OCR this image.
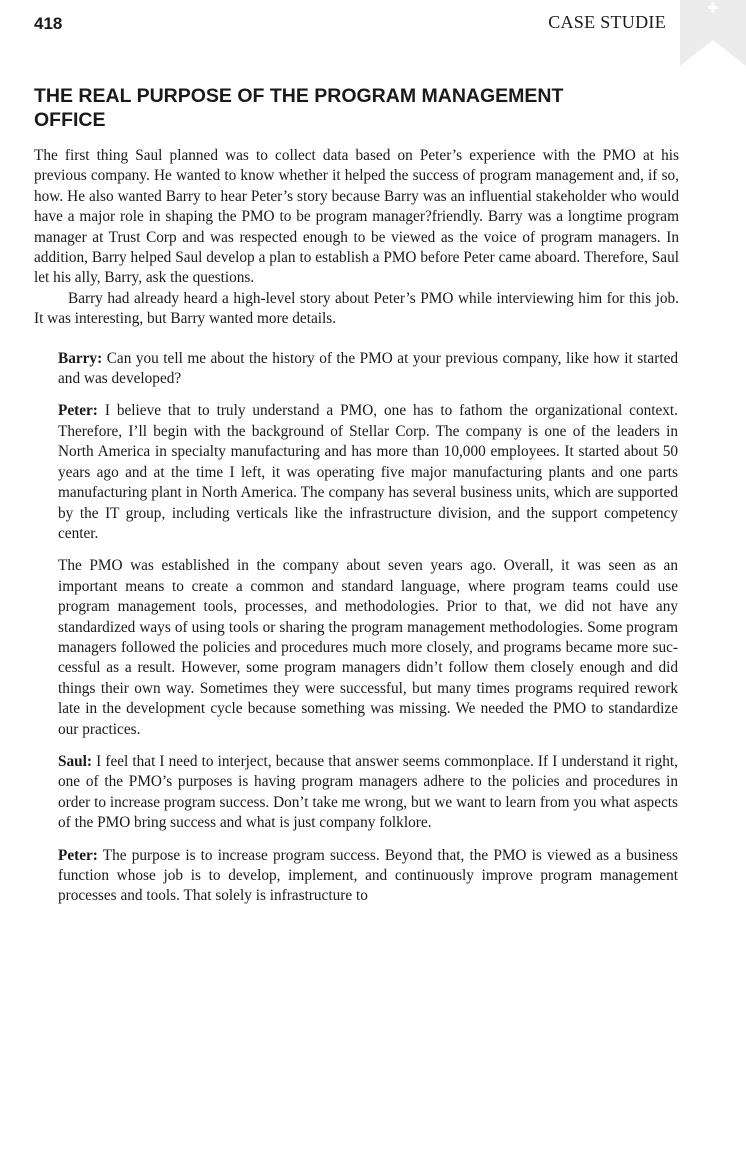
418	CASE STUDIE
THE REAL PURPOSE OF THE PROGRAM MANAGEMENT OFFICE

The first thing Saul planned was to collect data based on Peter’s experience with the PMO at his previous company. He wanted to know whether it helped the success of program management and, if so, how. He also wanted Barry to hear Peter’s story because Barry was an influential stakeholder who would have a major role in shaping the PMO to be program manager?friendly. Barry was a longtime program manager at Trust Corp and was respected enough to be viewed as the voice of program managers. In addition, Barry helped Saul develop a plan to establish a PMO before Peter came aboard. Therefore, Saul let his ally, Barry, ask the questions.

Barry had already heard a high-level story about Peter’s PMO while interviewing him for this job. It was interesting, but Barry wanted more details.

Barry: Can you tell me about the history of the PMO at your previous company, like how it started and was developed?

Peter: I believe that to truly understand a PMO, one has to fathom the organizational context. Therefore, I’ll begin with the background of Stellar Corp. The company is one of the leaders in North America in specialty manufacturing and has more than 10,000 employees. It started about 50 years ago and at the time I left, it was operating five major manufacturing plants and one parts manufacturing plant in North America. The company has several business units, which are supported by the IT group, including verticals like the infrastructure division, and the support competency center.

The PMO was established in the company about seven years ago. Overall, it was seen as an important means to create a common and standard language, where program teams could use program management tools, processes, and methodologies. Prior to that, we did not have any standardized ways of using tools or sharing the program management methodologies. Some program managers followed the policies and procedures much more closely, and programs became more successful as a result. However, some program managers didn’t follow them closely enough and did things their own way. Sometimes they were successful, but many times programs required rework late in the development cycle because something was missing. We needed the PMO to standardize our practices.

Saul: I feel that I need to interject, because that answer seems commonplace. If I understand it right, one of the PMO’s purposes is having program managers adhere to the policies and procedures in order to increase program success. Don’t take me wrong, but we want to learn from you what aspects of the PMO bring success and what is just company folklore.

Peter: The purpose is to increase program success. Beyond that, the PMO is viewed as a business function whose job is to develop, implement, and continuously improve program management processes and tools. That solely is infrastructure to
